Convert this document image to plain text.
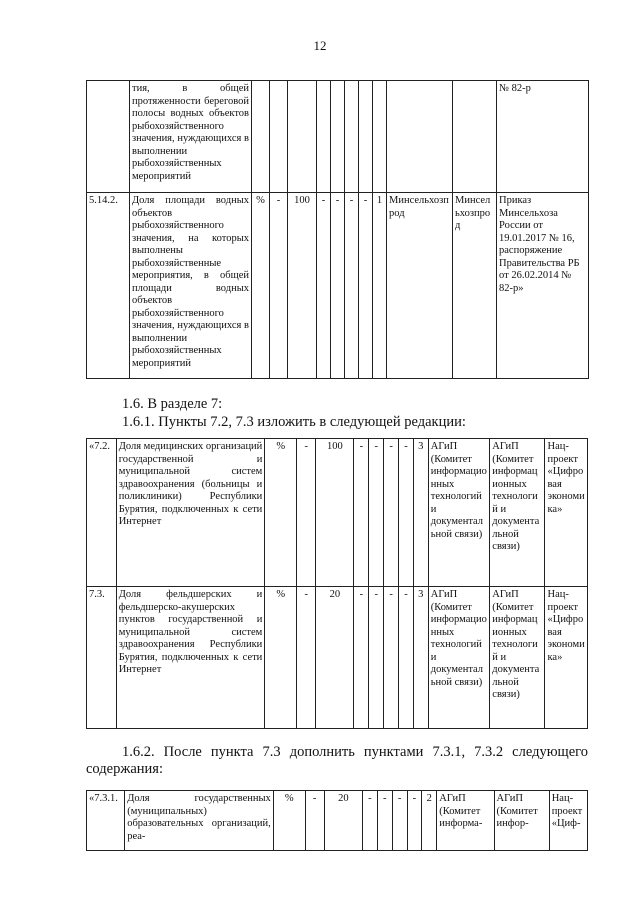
12
	тия, в общей протяженности береговой полосы водных объектов рыбохозяйственного значения, нуждающихся в выполнении рыбохозяйственных мероприятий											№ 82-р
5.14.2.	Доля площади водных объектов рыбохозяйственного значения, на которых выполнены рыбохозяйственные мероприятия, в общей площади водных объектов рыбохозяйственного значения, нуждающихся в выполнении рыбохозяйственных мероприятий	%	-	100	-	-	-	-	1	Минсельхозпрод	Минсельхозпрод	Приказ Минсельхоза России от 19.01.2017 № 16, распоряжение Правительства РБ от 26.02.2014 № 82-р»
1.6. В разделе 7:
1.6.1. Пункты 7.2, 7.3 изложить в следующей редакции:
«7.2.	Доля медицинских организаций государственной и муниципальной систем здравоохранения (больницы и поликлиники) Республики Бурятия, подключенных к сети Интернет	%	-	100	-	-	-	-	3	АГиП (Комитет информационных технологий и документальной связи)	АГиП (Комитет информационных технологий и документальной связи)	Нац-проект «Цифровая экономика»
7.3.	Доля фельдшерских и фельдшерско-акушерских пунктов государственной и муниципальной систем здравоохранения Республики Бурятия, подключенных к сети Интернет	%	-	20	-	-	-	-	3	АГиП (Комитет информационных технологий и документальной связи)	АГиП (Комитет информационных технологий и документальной связи)	Нац-проект «Цифровая экономика»
1.6.2. После пункта 7.3 дополнить пунктами 7.3.1, 7.3.2 следующего содержания:
«7.3.1.	Доля государственных (муниципальных) образовательных организаций, реа-	%	-	20	-	-	-	-	2	АГиП (Комитет информа-	АГиП (Комитет инфор-	Нац-проект «Циф-
